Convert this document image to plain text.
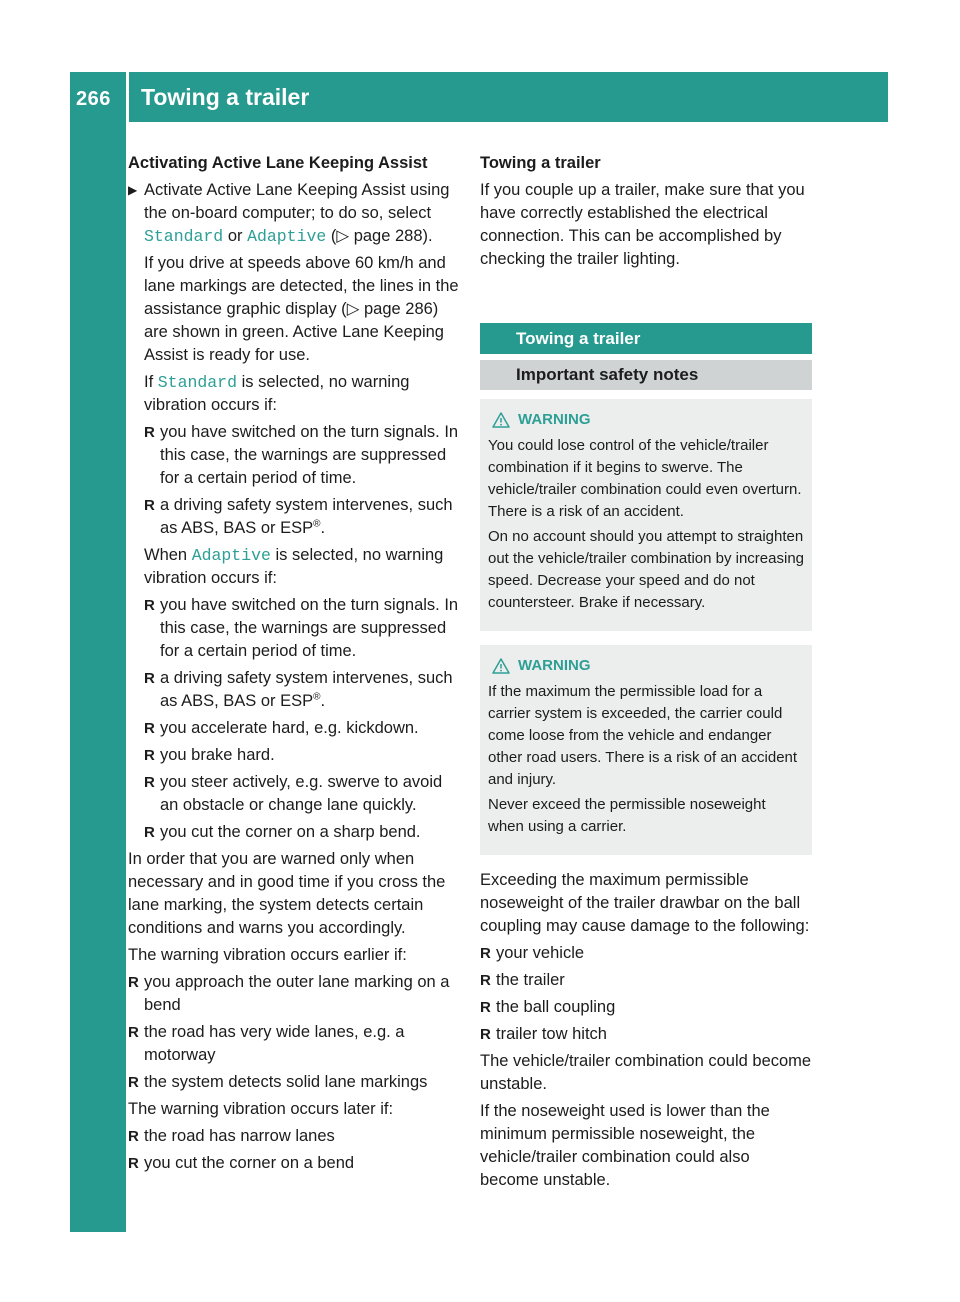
266	Towing a trailer
Driving and parking

Activating Active Lane Keeping Assist

▶ Activate Active Lane Keeping Assist using the on-board computer; to do so, select Standard or Adaptive (▷ page 288).

If you drive at speeds above 60 km/h and lane markings are detected, the lines in the assistance graphic display (▷ page 286) are shown in green. Active Lane Keeping Assist is ready for use.

If Standard is selected, no warning vibration occurs if:

R you have switched on the turn signals. In this case, the warnings are suppressed for a certain period of time.
R a driving safety system intervenes, such as ABS, BAS or ESP®.

When Adaptive is selected, no warning vibration occurs if:

R you have switched on the turn signals. In this case, the warnings are suppressed for a certain period of time.
R a driving safety system intervenes, such as ABS, BAS or ESP®.
R you accelerate hard, e.g. kickdown.
R you brake hard.
R you steer actively, e.g. swerve to avoid an obstacle or change lane quickly.
R you cut the corner on a sharp bend.

In order that you are warned only when necessary and in good time if you cross the lane marking, the system detects certain conditions and warns you accordingly.

The warning vibration occurs earlier if:

R you approach the outer lane marking on a bend
R the road has very wide lanes, e.g. a motorway
R the system detects solid lane markings

The warning vibration occurs later if:

R the road has narrow lanes
R you cut the corner on a bend

Towing a trailer

If you couple up a trailer, make sure that you have correctly established the electrical connection. This can be accomplished by checking the trailer lighting.

Towing a trailer
Important safety notes
WARNING

You could lose control of the vehicle/trailer combination if it begins to swerve. The vehicle/trailer combination could even overturn. There is a risk of an accident.

On no account should you attempt to straighten out the vehicle/trailer combination by increasing speed. Decrease your speed and do not countersteer. Brake if necessary.

WARNING

If the maximum the permissible load for a carrier system is exceeded, the carrier could come loose from the vehicle and endanger other road users. There is a risk of an accident and injury.

Never exceed the permissible noseweight when using a carrier.

Exceeding the maximum permissible noseweight of the trailer drawbar on the ball coupling may cause damage to the following:

R your vehicle
R the trailer
R the ball coupling
R trailer tow hitch

The vehicle/trailer combination could become unstable.

If the noseweight used is lower than the minimum permissible noseweight, the vehicle/trailer combination could also become unstable.
